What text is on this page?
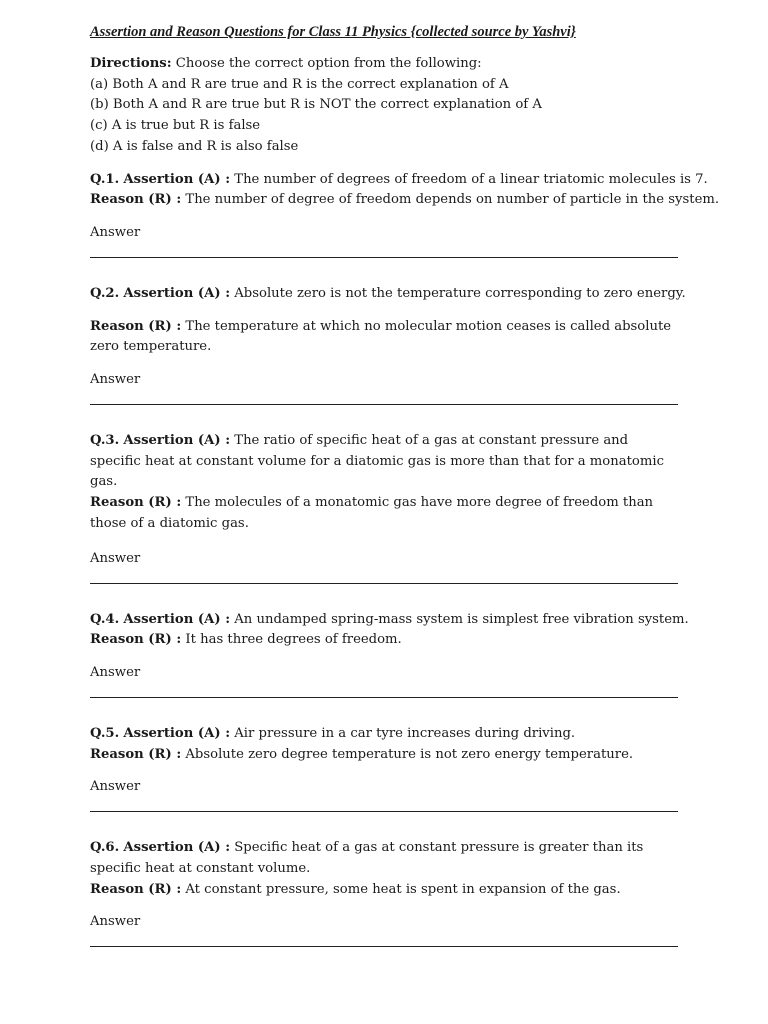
Assertion and Reason Questions for Class 11 Physics {collected source by Yashvi}
Directions: Choose the correct option from the following:
(a) Both A and R are true and R is the correct explanation of A
(b) Both A and R are true but R is NOT the correct explanation of A
(c) A is true but R is false
(d) A is false and R is also false
Q.1. Assertion (A) : The number of degrees of freedom of a linear triatomic molecules is 7.
Reason (R) : The number of degree of freedom depends on number of particle in the system.
Answer
Q.2. Assertion (A) : Absolute zero is not the temperature corresponding to zero energy.
Reason (R) : The temperature at which no molecular motion ceases is called absolute zero temperature.
Answer
Q.3. Assertion (A) : The ratio of specific heat of a gas at constant pressure and specific heat at constant volume for a diatomic gas is more than that for a monatomic gas.
Reason (R) : The molecules of a monatomic gas have more degree of freedom than those of a diatomic gas.
Answer
Q.4. Assertion (A) : An undamped spring-mass system is simplest free vibration system.
Reason (R) : It has three degrees of freedom.
Answer
Q.5. Assertion (A) : Air pressure in a car tyre increases during driving.
Reason (R) : Absolute zero degree temperature is not zero energy temperature.
Answer
Q.6. Assertion (A) : Specific heat of a gas at constant pressure is greater than its specific heat at constant volume.
Reason (R) : At constant pressure, some heat is spent in expansion of the gas.
Answer
